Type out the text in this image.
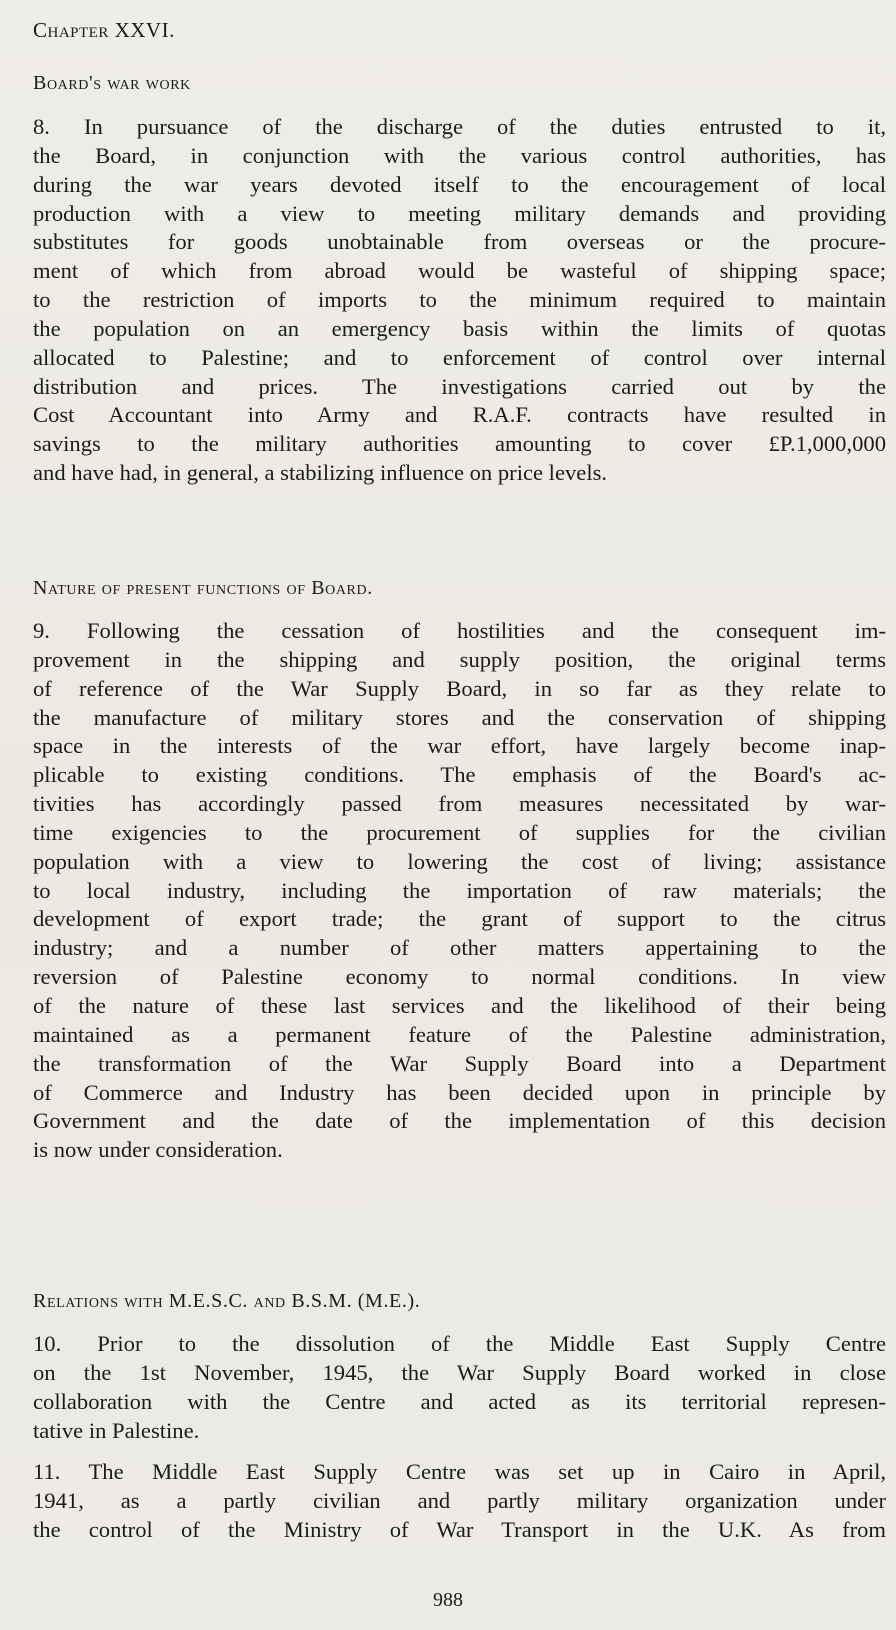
Chapter XXVI.
Board's war work
8. In pursuance of the discharge of the duties entrusted to it,
the Board, in conjunction with the various control authorities, has
during the war years devoted itself to the encouragement of local
production with a view to meeting military demands and providing
substitutes for goods unobtainable from overseas or the procure-
ment of which from abroad would be wasteful of shipping space;
to the restriction of imports to the minimum required to maintain
the population on an emergency basis within the limits of quotas
allocated to Palestine; and to enforcement of control over internal
distribution and prices. The investigations carried out by the
Cost Accountant into Army and R.A.F. contracts have resulted in
savings to the military authorities amounting to cover £P.1,000,000
and have had, in general, a stabilizing influence on price levels.
Nature of present functions of Board.
9. Following the cessation of hostilities and the consequent im-
provement in the shipping and supply position, the original terms
of reference of the War Supply Board, in so far as they relate to
the manufacture of military stores and the conservation of shipping
space in the interests of the war effort, have largely become inap-
plicable to existing conditions. The emphasis of the Board's ac-
tivities has accordingly passed from measures necessitated by war-
time exigencies to the procurement of supplies for the civilian
population with a view to lowering the cost of living; assistance
to local industry, including the importation of raw materials; the
development of export trade; the grant of support to the citrus
industry; and a number of other matters appertaining to the
reversion of Palestine economy to normal conditions. In view
of the nature of these last services and the likelihood of their being
maintained as a permanent feature of the Palestine administration,
the transformation of the War Supply Board into a Department
of Commerce and Industry has been decided upon in principle by
Government and the date of the implementation of this decision
is now under consideration.
Relations with M.E.S.C. and B.S.M. (M.E.).
10. Prior to the dissolution of the Middle East Supply Centre
on the 1st November, 1945, the War Supply Board worked in close
collaboration with the Centre and acted as its territorial represen-
tative in Palestine.
11. The Middle East Supply Centre was set up in Cairo in April,
1941, as a partly civilian and partly military organization under
the control of the Ministry of War Transport in the U.K. As from
988
